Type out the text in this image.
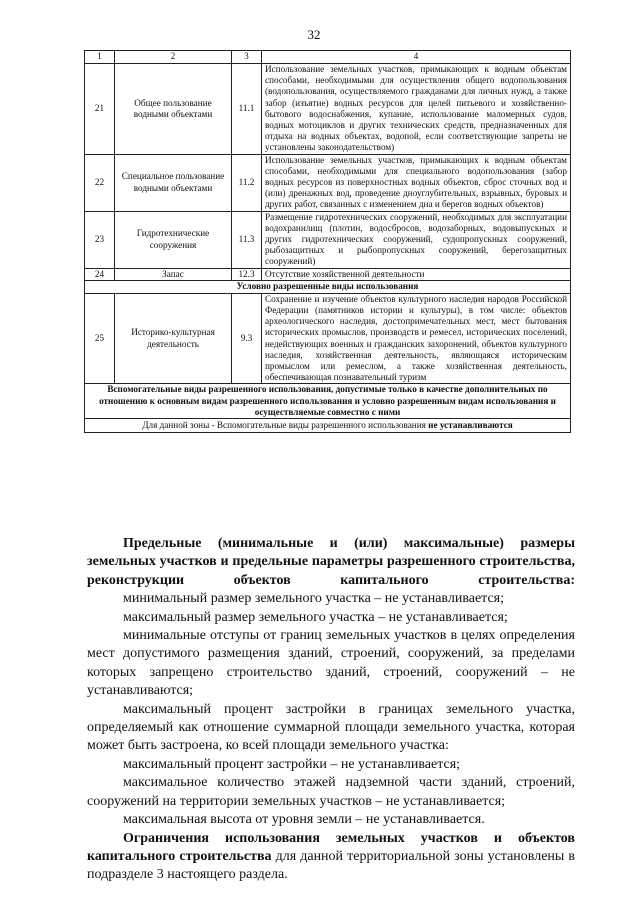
32
1	2	3	4
21	Общее пользование водными объектами	11.1	Использование земельных участков, примыкающих к водным объектам способами, необходимыми для осуществления общего водопользования (водопользования, осуществляемого гражданами для личных нужд, а также забор (изъятие) водных ресурсов для целей питьевого и хозяйственно-бытового водоснабжения, купание, использование маломерных судов, водных мотоциклов и других технических средств, предназначенных для отдыха на водных объектах, водопой, если соответствующие запреты не установлены законодательством)
22	Специальное пользование водными объектами	11.2	Использование земельных участков, примыкающих к водным объектам способами, необходимыми для специального водопользования (забор водных ресурсов из поверхностных водных объектов, сброс сточных вод и (или) дренажных вод, проведение дноуглубительных, взрывных, буровых и других работ, связанных с изменением дна и берегов водных объектов)
23	Гидротехнические сооружения	11.3	Размещение гидротехнических сооружений, необходимых для эксплуатации водохранилищ (плотин, водосбросов, водозаборных, водовыпускных и других гидротехнических сооружений, судопропускных сооружений, рыбозащитных и рыбопропускных сооружений, берегозащитных сооружений)
24	Запас	12.3	Отсутствие хозяйственной деятельности
Условно разрешенные виды использования			
25	Историко-культурная деятельность	9.3	Сохранение и изучение объектов культурного наследия народов Российской Федерации (памятников истории и культуры), в том числе: объектов археологического наследия, достопримечательных мест, мест бытования исторических промыслов, производств и ремесел, исторических поселений, недействующих военных и гражданских захоронений, объектов культурного наследия, хозяйственная деятельность, являющаяся историческим промыслом или ремеслом, а также хозяйственная деятельность, обеспечивающая познавательный туризм
Вспомогательные виды разрешенного использования, допустимые только в качестве дополнительных по отношению к основным видам разрешенного использования и условно разрешенным видам использования и осуществляемые совместно с ними			
Для данной зоны - Вспомогательные виды разрешенного использования не устанавливаются			

Предельные (минимальные и (или) максимальные) размеры земельных участков и предельные параметры разрешенного строительства, реконструкции объектов капитального строительства:

минимальный размер земельного участка – не устанавливается;

максимальный размер земельного участка – не устанавливается;

минимальные отступы от границ земельных участков в целях определения мест допустимого размещения зданий, строений, сооружений, за пределами которых запрещено строительство зданий, строений, сооружений – не устанавливаются;

максимальный процент застройки в границах земельного участка, определяемый как отношение суммарной площади земельного участка, которая может быть застроена, ко всей площади земельного участка:

максимальный процент застройки – не устанавливается;

максимальное количество этажей надземной части зданий, строений, сооружений на территории земельных участков – не устанавливается;

максимальная высота от уровня земли – не устанавливается.

Ограничения использования земельных участков и объектов капитального строительства для данной территориальной зоны установлены в подразделе 3 настоящего раздела.
